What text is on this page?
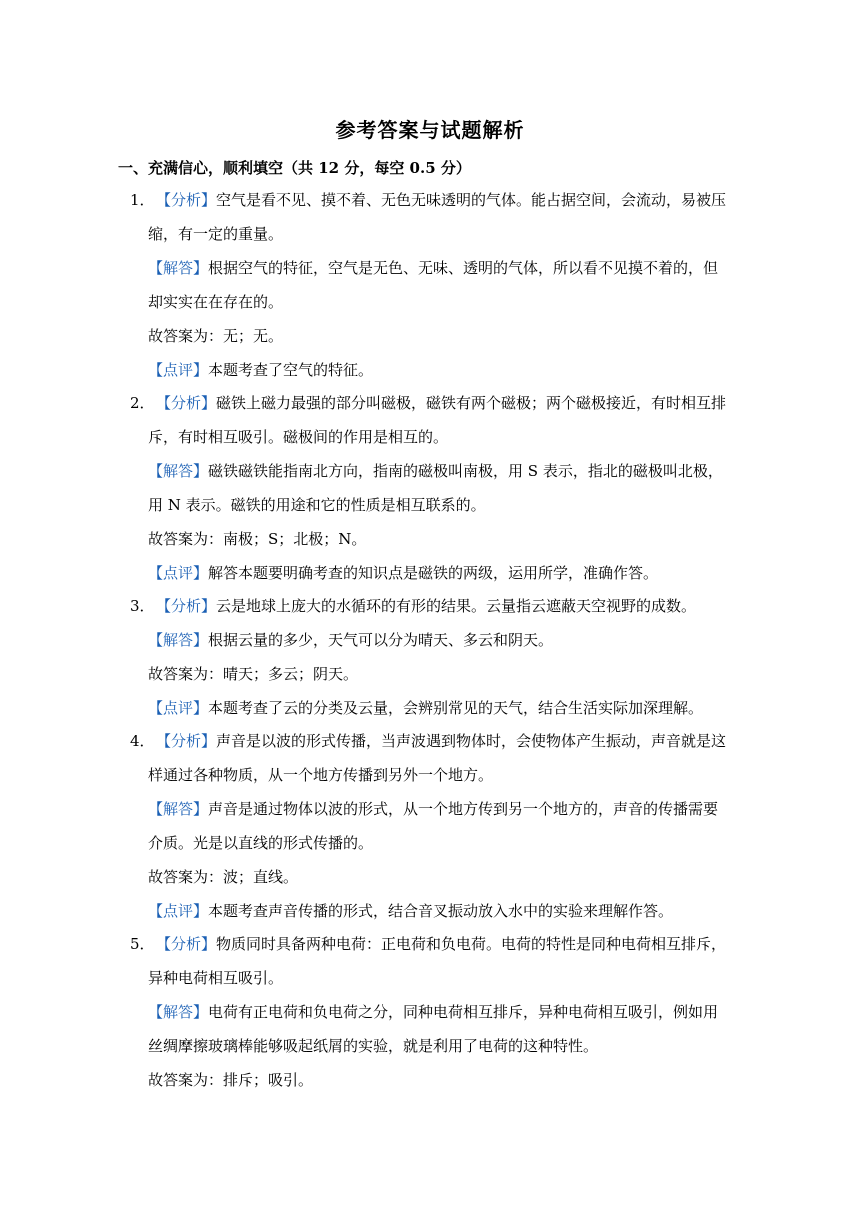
参考答案与试题解析
一、充满信心，顺利填空（共 12 分，每空 0.5 分）
1．【分析】空气是看不见、摸不着、无色无味透明的气体。能占据空间，会流动，易被压
缩，有一定的重量。
【解答】根据空气的特征，空气是无色、无味、透明的气体，所以看不见摸不着的，但
却实实在在存在的。
故答案为：无；无。
【点评】本题考查了空气的特征。
2．【分析】磁铁上磁力最强的部分叫磁极，磁铁有两个磁极；两个磁极接近，有时相互排
斥，有时相互吸引。磁极间的作用是相互的。
【解答】磁铁磁铁能指南北方向，指南的磁极叫南极，用 S 表示，指北的磁极叫北极，
用 N 表示。磁铁的用途和它的性质是相互联系的。
故答案为：南极；S；北极；N。
【点评】解答本题要明确考查的知识点是磁铁的两级，运用所学，准确作答。
3．【分析】云是地球上庞大的水循环的有形的结果。云量指云遮蔽天空视野的成数。
【解答】根据云量的多少，天气可以分为晴天、多云和阴天。
故答案为：晴天；多云；阴天。
【点评】本题考查了云的分类及云量，会辨别常见的天气，结合生活实际加深理解。
4．【分析】声音是以波的形式传播，当声波遇到物体时，会使物体产生振动，声音就是这
样通过各种物质，从一个地方传播到另外一个地方。
【解答】声音是通过物体以波的形式，从一个地方传到另一个地方的，声音的传播需要
介质。光是以直线的形式传播的。
故答案为：波；直线。
【点评】本题考查声音传播的形式，结合音叉振动放入水中的实验来理解作答。
5．【分析】物质同时具备两种电荷：正电荷和负电荷。电荷的特性是同种电荷相互排斥，
异种电荷相互吸引。
【解答】电荷有正电荷和负电荷之分，同种电荷相互排斥，异种电荷相互吸引，例如用
丝绸摩擦玻璃棒能够吸起纸屑的实验，就是利用了电荷的这种特性。
故答案为：排斥；吸引。
